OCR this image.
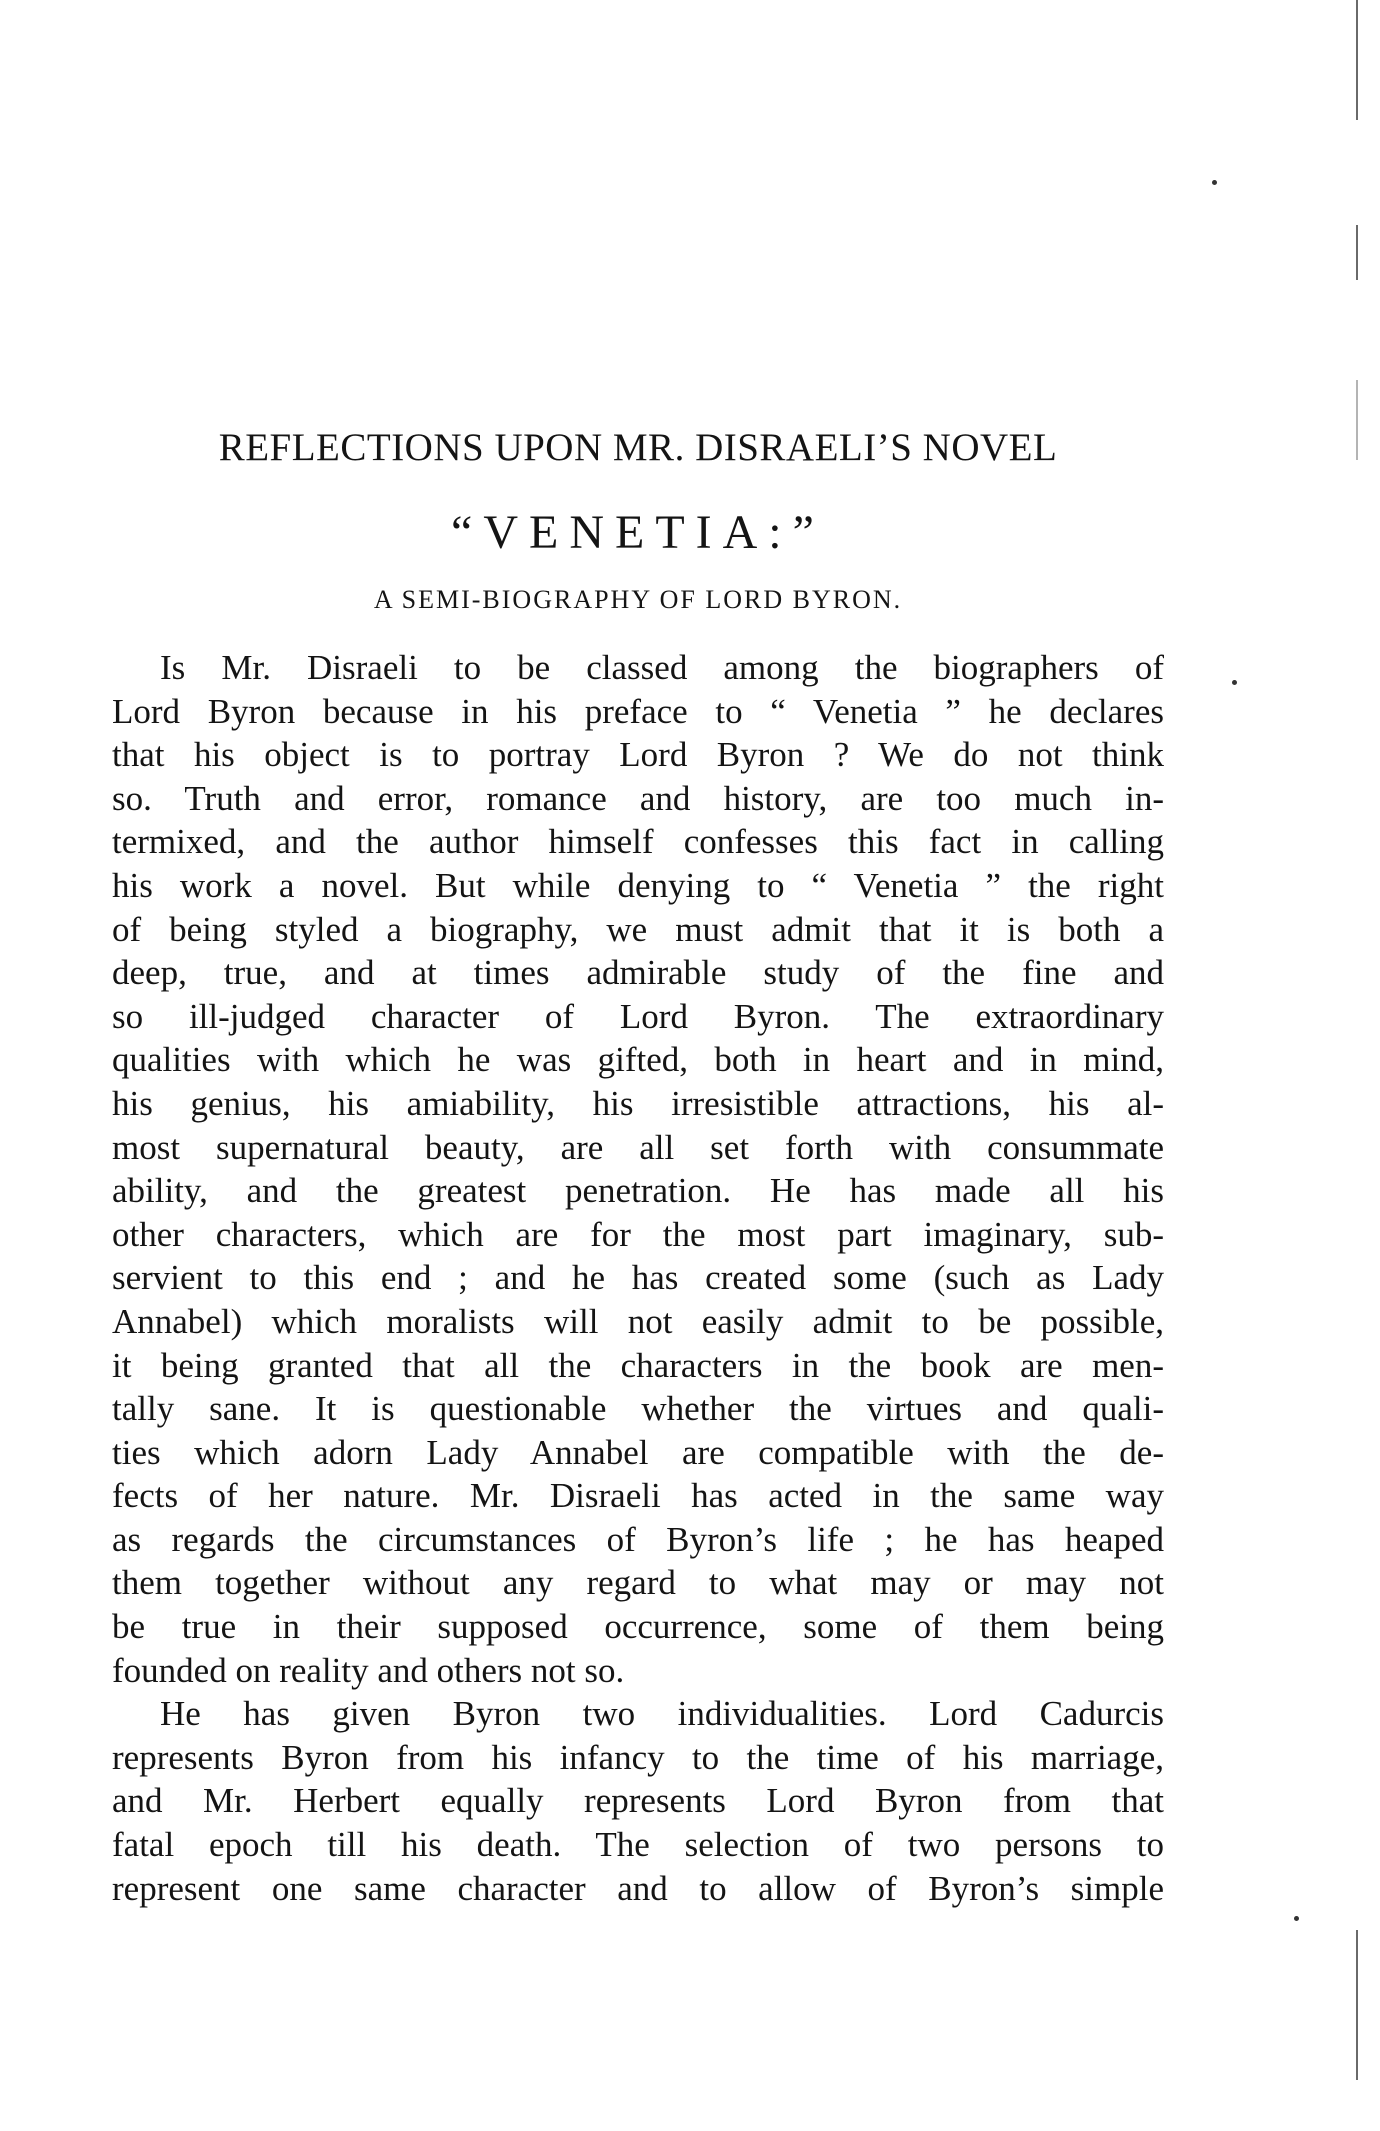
REFLECTIONS UPON MR. DISRAELI’S NOVEL
“VENETIA:”
A SEMI-BIOGRAPHY OF LORD BYRON.
Is Mr. Disraeli to be classed among the biographers of
Lord Byron because in his preface to “ Venetia ” he declares
that his object is to portray Lord Byron ? We do not think
so. Truth and error, romance and history, are too much in-
termixed, and the author himself confesses this fact in calling
his work a novel. But while denying to “ Venetia ” the right
of being styled a biography, we must admit that it is both a
deep, true, and at times admirable study of the fine and
so ill-judged character of Lord Byron. The extraordinary
qualities with which he was gifted, both in heart and in mind,
his genius, his amiability, his irresistible attractions, his al-
most supernatural beauty, are all set forth with consummate
ability, and the greatest penetration. He has made all his
other characters, which are for the most part imaginary, sub-
servient to this end ; and he has created some (such as Lady
Annabel) which moralists will not easily admit to be possible,
it being granted that all the characters in the book are men-
tally sane. It is questionable whether the virtues and quali-
ties which adorn Lady Annabel are compatible with the de-
fects of her nature. Mr. Disraeli has acted in the same way
as regards the circumstances of Byron’s life ; he has heaped
them together without any regard to what may or may not
be true in their supposed occurrence, some of them being
founded on reality and others not so.
He has given Byron two individualities. Lord Cadurcis
represents Byron from his infancy to the time of his marriage,
and Mr. Herbert equally represents Lord Byron from that
fatal epoch till his death. The selection of two persons to
represent one same character and to allow of Byron’s simple
